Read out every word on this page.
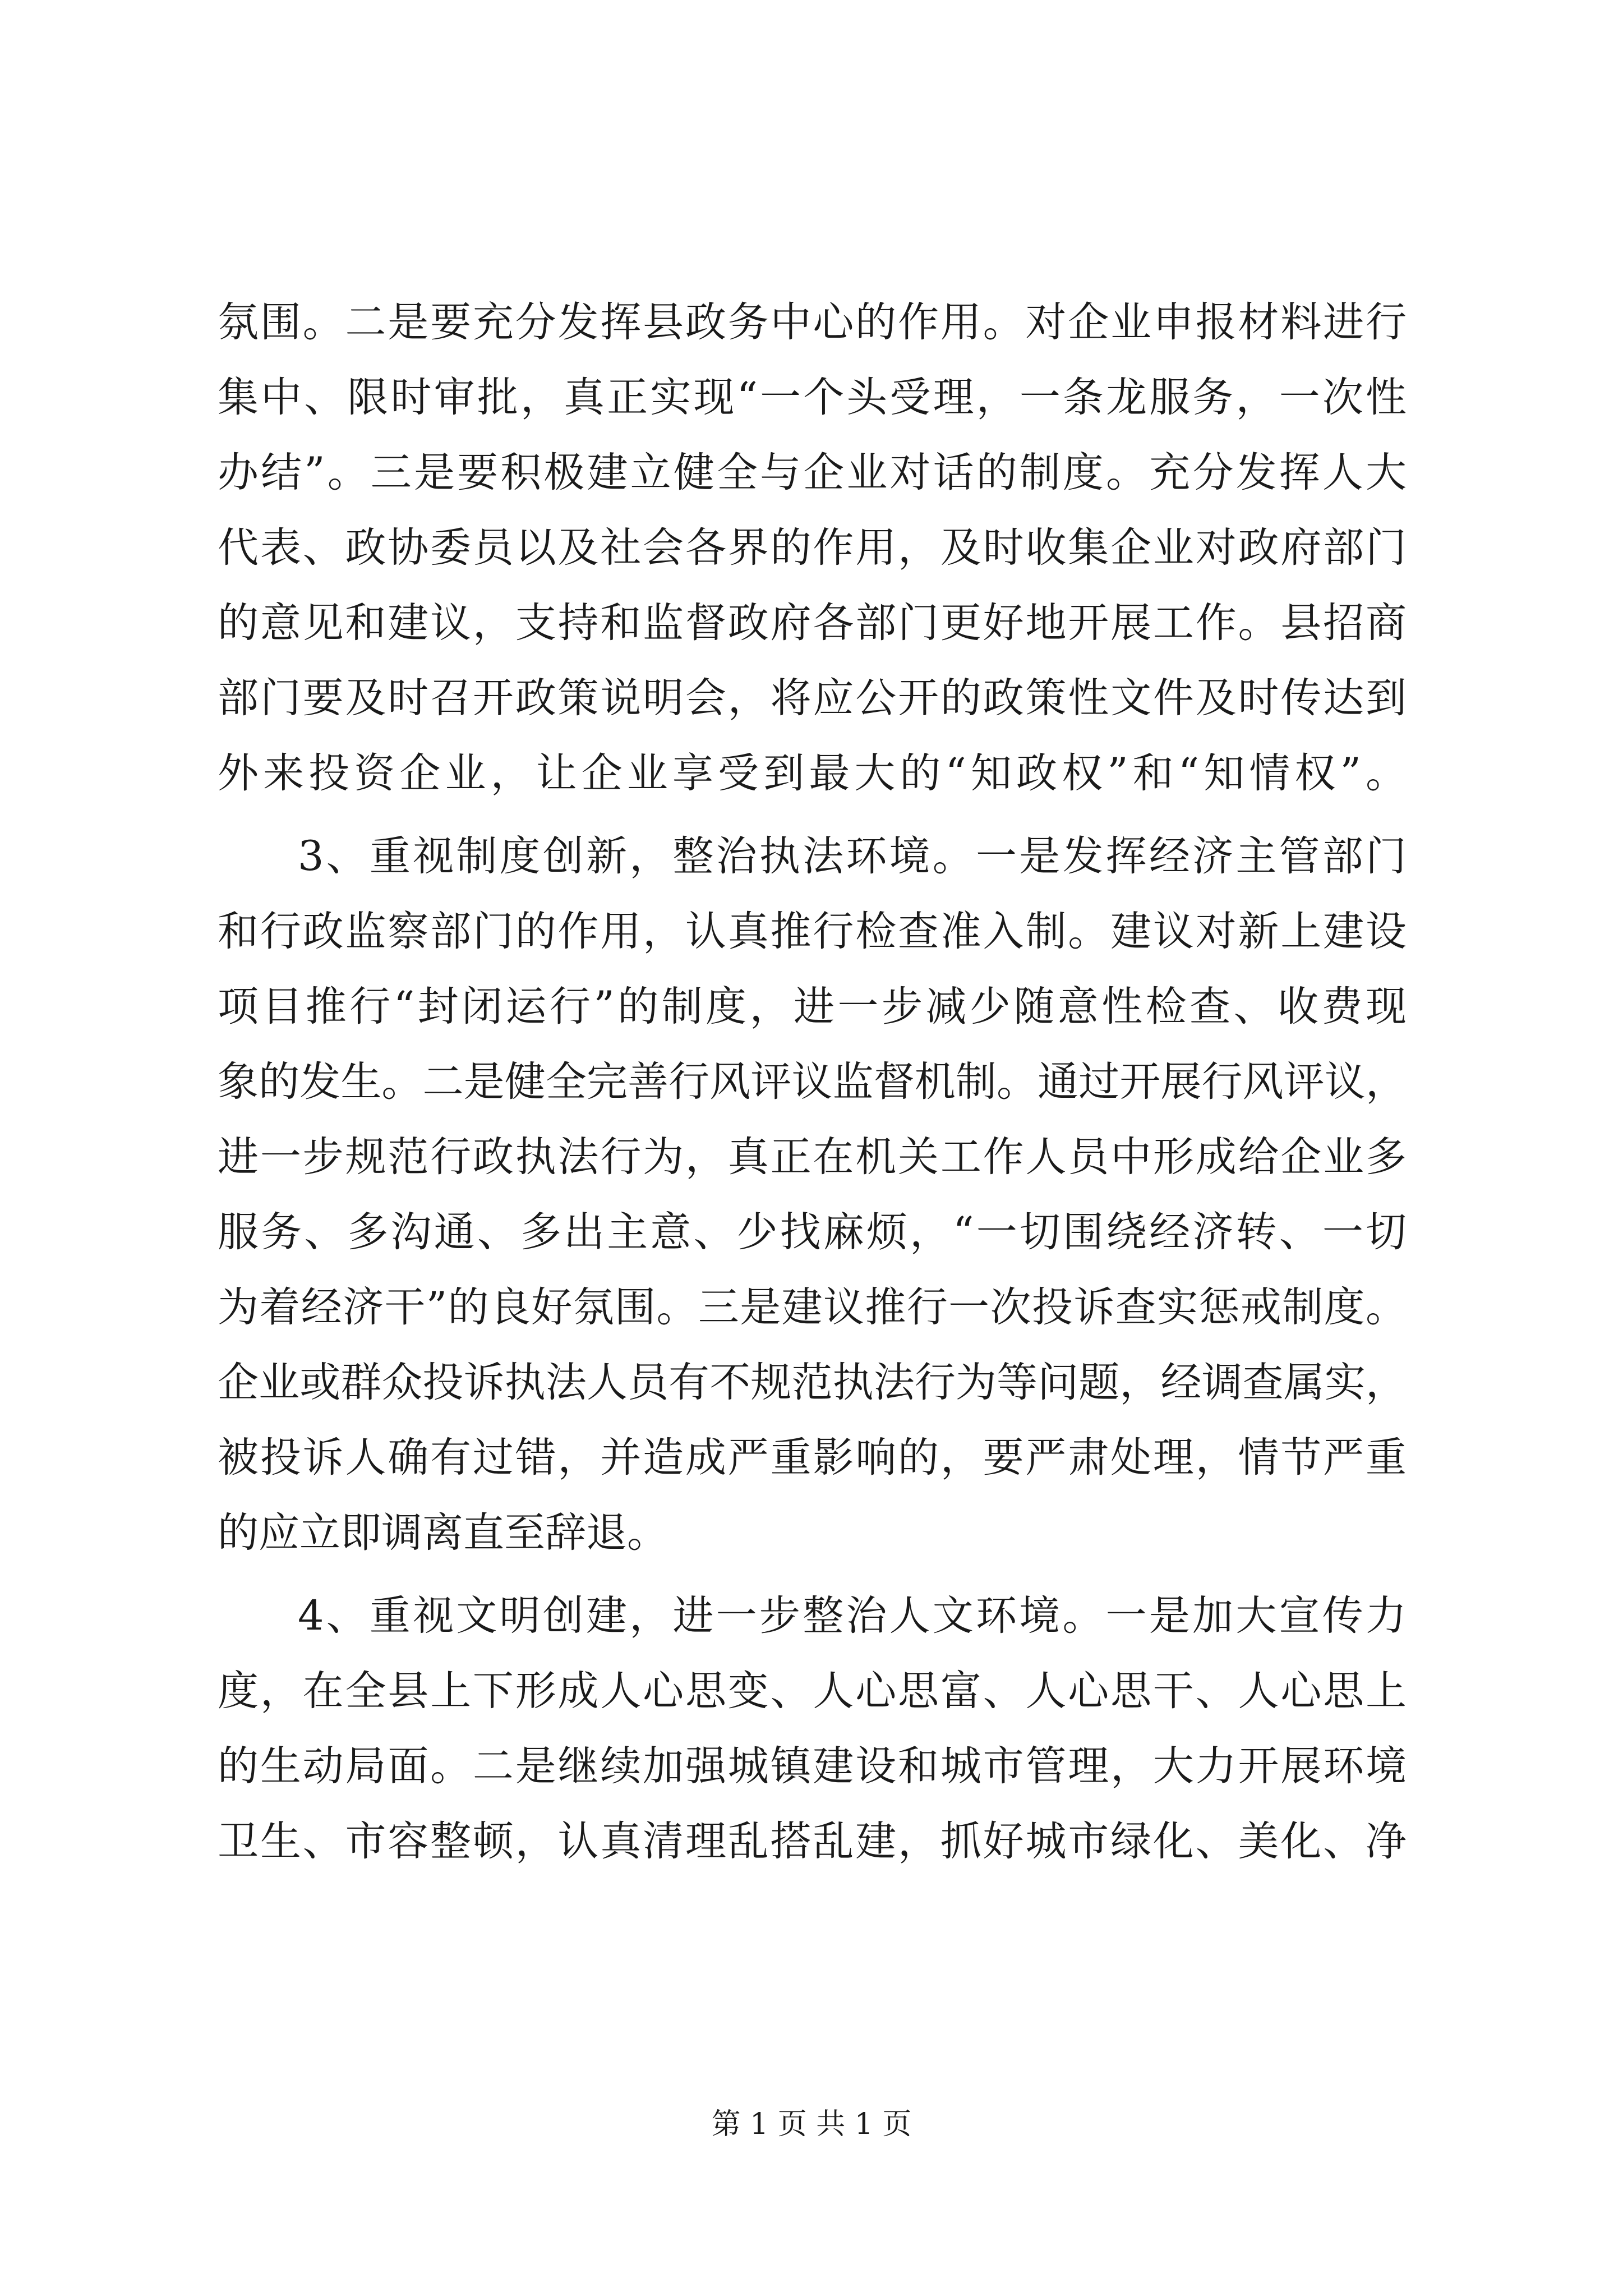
氛围。二是要充分发挥县政务中心的作用。对企业申报材料进行
集中、限时审批，真正实现“一个头受理，一条龙服务，一次性
办结”。三是要积极建立健全与企业对话的制度。充分发挥人大
代表、政协委员以及社会各界的作用，及时收集企业对政府部门
的意见和建议，支持和监督政府各部门更好地开展工作。县招商
部门要及时召开政策说明会，将应公开的政策性文件及时传达到
外来投资企业，让企业享受到最大的“知政权”和“知情权”。
3、重视制度创新，整治执法环境。一是发挥经济主管部门
和行政监察部门的作用，认真推行检查准入制。建议对新上建设
项目推行“封闭运行”的制度，进一步减少随意性检查、收费现
象的发生。二是健全完善行风评议监督机制。通过开展行风评议，
进一步规范行政执法行为，真正在机关工作人员中形成给企业多
服务、多沟通、多出主意、少找麻烦，“一切围绕经济转、一切
为着经济干”的良好氛围。三是建议推行一次投诉查实惩戒制度。
企业或群众投诉执法人员有不规范执法行为等问题，经调查属实，
被投诉人确有过错，并造成严重影响的，要严肃处理，情节严重
的应立即调离直至辞退。
4、重视文明创建，进一步整治人文环境。一是加大宣传力
度，在全县上下形成人心思变、人心思富、人心思干、人心思上
的生动局面。二是继续加强城镇建设和城市管理，大力开展环境
卫生、市容整顿，认真清理乱搭乱建，抓好城市绿化、美化、净
第 1 页 共 1 页
